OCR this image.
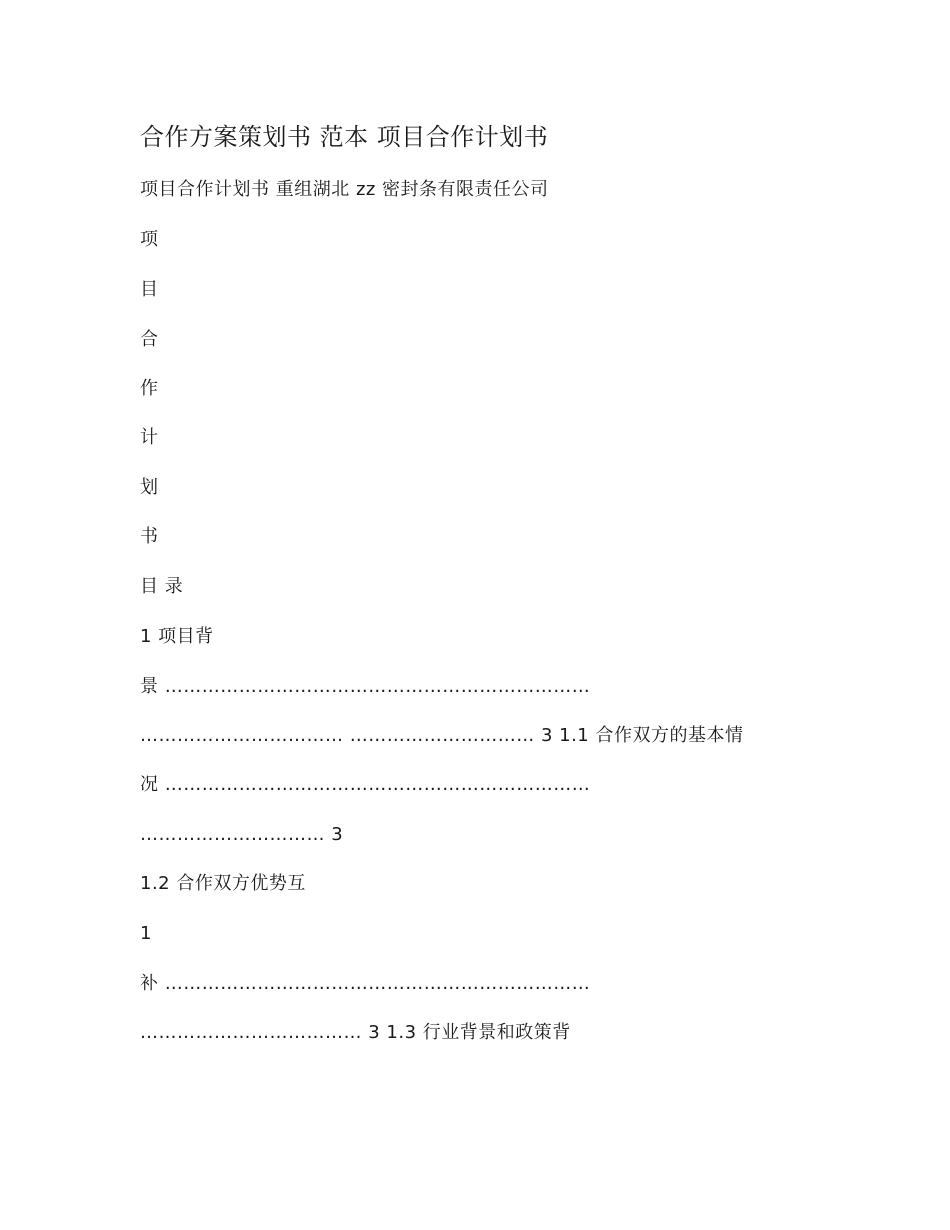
合作方案策划书 范本 项目合作计划书
项目合作计划书 重组湖北 zz 密封条有限责任公司
项
目
合
作
计
划
书
目 录
1 项目背
景 ……………………………………………………………
…………………………… ………………………… 3 1.1 合作双方的基本情
况 ……………………………………………………………
………………………… 3
1.2 合作双方优势互
1
补 ……………………………………………………………
……………………………… 3 1.3 行业背景和政策背
